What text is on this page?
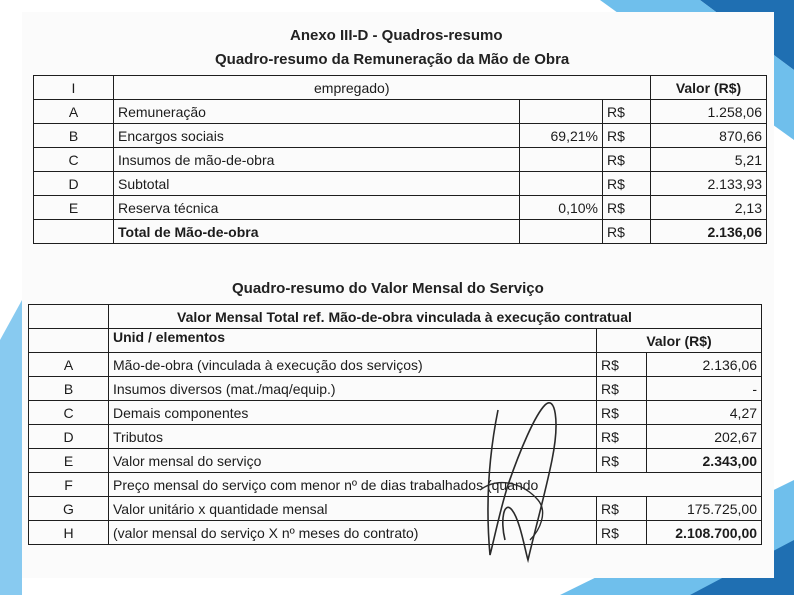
Anexo III-D - Quadros-resumo
Quadro-resumo da Remuneração da Mão de Obra
I	empregado)			Valor (R$)
A	Remuneração		R$	1.258,06
B	Encargos sociais	69,21%	R$	870,66
C	Insumos de mão-de-obra		R$	5,21
D	Subtotal		R$	2.133,93
E	Reserva técnica	0,10%	R$	2,13
	Total de Mão-de-obra		R$	2.136,06
Quadro-resumo do Valor Mensal do Serviço
	Valor Mensal Total ref. Mão-de-obra vinculada à execução contratual		
	Unid / elementos	Valor (R$)	
A	Mão-de-obra (vinculada à execução dos serviços)	R$	2.136,06
B	Insumos diversos (mat./maq/equip.)	R$	-
C	Demais componentes	R$	4,27
D	Tributos	R$	202,67
E	Valor mensal do serviço	R$	2.343,00
F	Preço mensal do serviço com menor nº de dias trabalhados (quando		
G	Valor unitário x quantidade mensal	R$	175.725,00
H	(valor mensal do serviço X nº meses do contrato)	R$	2.108.700,00
